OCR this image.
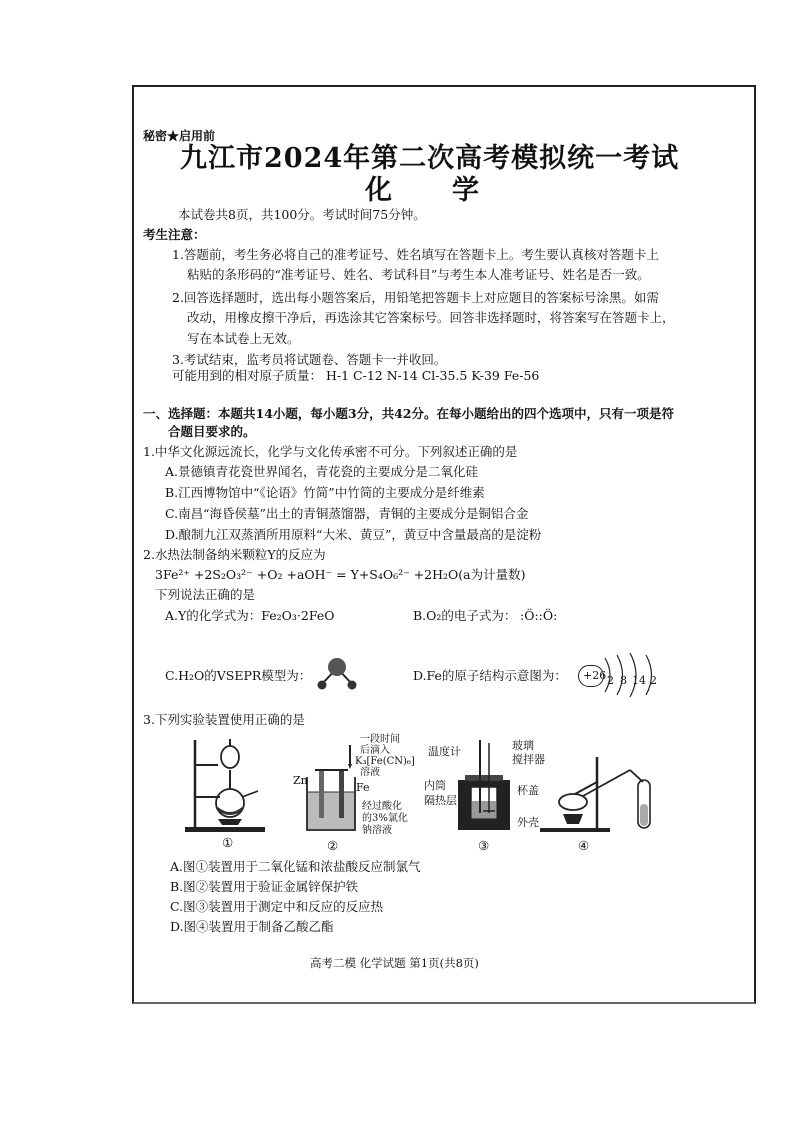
秘密★启用前
九江市2024年第二次高考模拟统一考试
化学
本试卷共8页，共100分。考试时间75分钟。
考生注意：
1.答题前，考生务必将自己的准考证号、姓名填写在答题卡上。考生要认真核对答题卡上
粘贴的条形码的“准考证号、姓名、考试科目”与考生本人准考证号、姓名是否一致。
2.回答选择题时，选出每小题答案后，用铅笔把答题卡上对应题目的答案标号涂黑。如需
改动，用橡皮擦干净后，再选涂其它答案标号。回答非选择题时，将答案写在答题卡上，
写在本试卷上无效。
3.考试结束，监考员将试题卷、答题卡一并收回。
可能用到的相对原子质量： H-1 C-12 N-14 Cl-35.5 K-39 Fe-56
一、选择题：本题共14小题，每小题3分，共42分。在每小题给出的四个选项中，只有一项是符
合题目要求的。
1.中华文化源远流长，化学与文化传承密不可分。下列叙述正确的是
A.景德镇青花瓷世界闻名，青花瓷的主要成分是二氧化硅
B.江西博物馆中“《论语》竹简”中竹简的主要成分是纤维素
C.南昌“海昏侯墓”出土的青铜蒸馏器，青铜的主要成分是铜铝合金
D.酿制九江双蒸酒所用原料“大米、黄豆”，黄豆中含量最高的是淀粉
2.水热法制备纳米颗粒Y的反应为
3Fe²⁺ +2S₂O₃²⁻ +O₂ +aOH⁻ = Y+S₄O₆²⁻ +2H₂O(a为计量数)
下列说法正确的是
A.Y的化学式为：Fe₂O₃·2FeO	B.O₂的电子式为： :Ö::Ö:
C.H₂O的VSEPR模型为：	D.Fe的原子结构示意图为： +26 2 8 14 2
3.下列实验装置使用正确的是
①
一段时间
后滴入
K₃[Fe(CN)₆]
溶液
Zn
Fe
经过酸化
的3%氯化
钠溶液
②
温度计	玻璃
搅拌器
内筒
隔热层
杯盖
外壳
③	④
A.图①装置用于二氧化锰和浓盐酸反应制氯气
B.图②装置用于验证金属锌保护铁
C.图③装置用于测定中和反应的反应热
D.图④装置用于制备乙酸乙酯
高考二模 化学试题 第1页(共8页)
